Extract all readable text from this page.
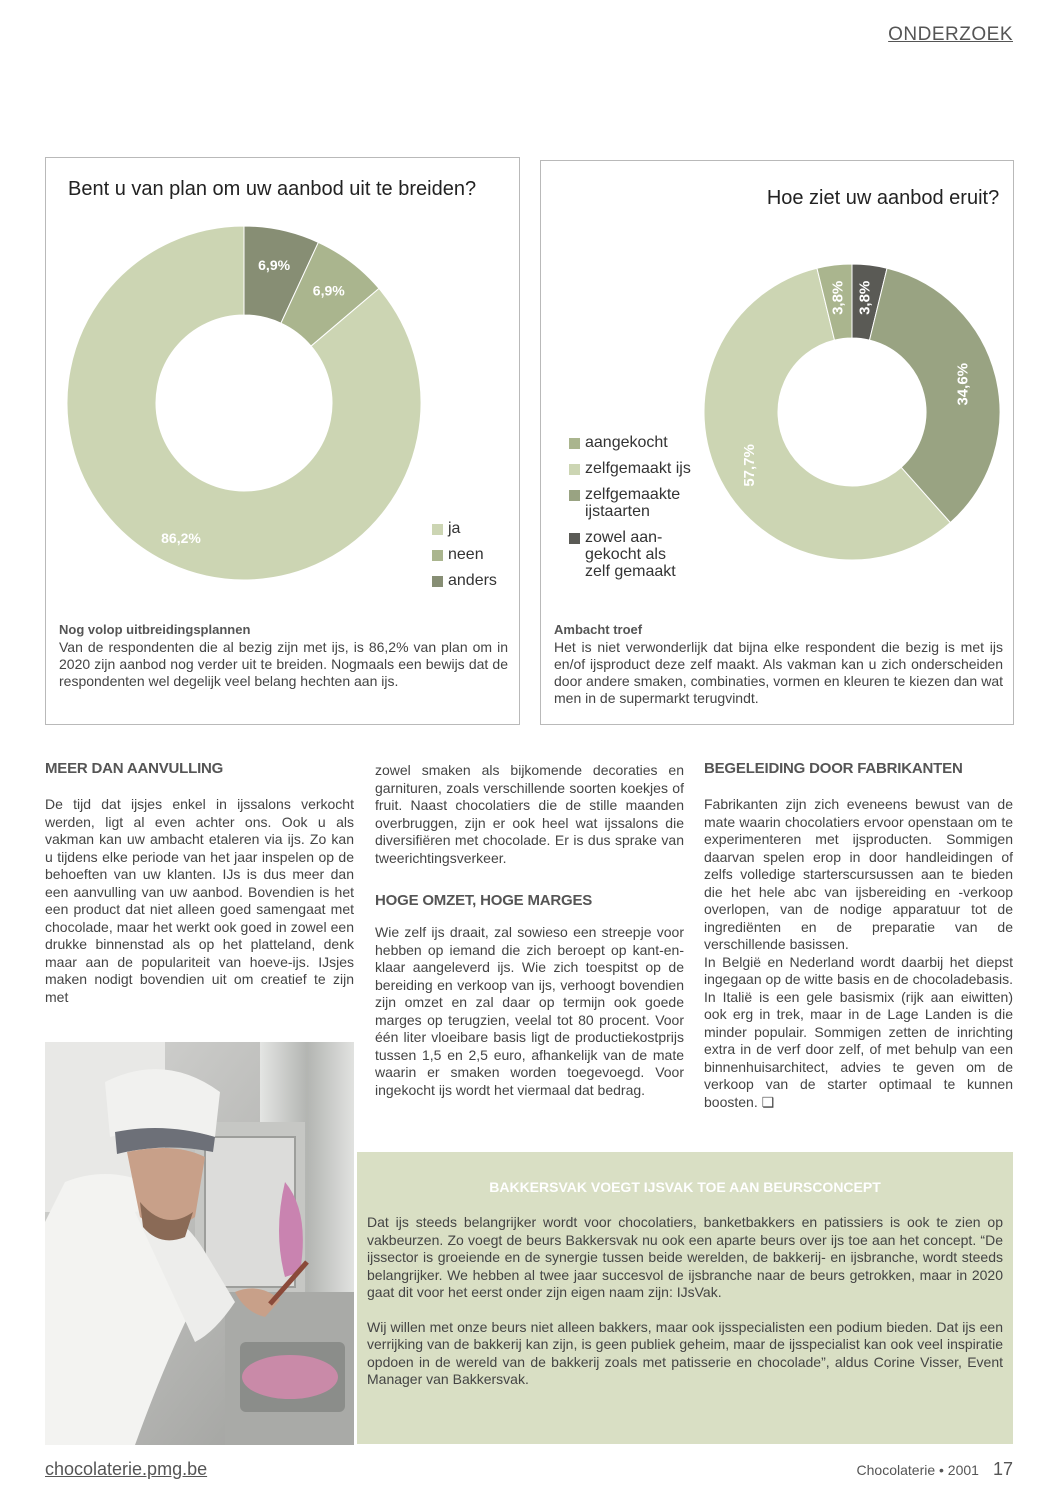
ONDERZOEK
Bent u van plan om uw aanbod uit te breiden?
6,9%
6,9%
86,2%
ja
neen
anders
Nog volop uitbreidingsplannen
Van de respondenten die al bezig zijn met ijs, is 86,2% van plan om in 2020 zijn aanbod nog verder uit te breiden. Nogmaals een bewijs dat de respondenten wel degelijk veel belang hechten aan ijs.
Hoe ziet uw aanbod eruit?
3,8%
34,6%
57,7%
3,8%
aangekocht
zelfgemaakt ijs
zelfgemaakte
ijstaarten
zowel aan-
gekocht als
zelf gemaakt
Ambacht troef
Het is niet verwonderlijk dat bijna elke respondent die bezig is met ijs en/of ijsproduct deze zelf maakt. Als vakman kan u zich onderscheiden door andere smaken, combinaties, vormen en kleuren te kiezen dan wat men in de supermarkt terugvindt.
MEER DAN AANVULLING

De tijd dat ijsjes enkel in ijssalons verkocht werden, ligt al even achter ons. Ook u als vakman kan uw ambacht etaleren via ijs. Zo kan u tijdens elke periode van het jaar inspelen op de behoeften van uw klanten. IJs is dus meer dan een aanvulling van uw aanbod. Bovendien is het een product dat niet alleen goed samengaat met chocolade, maar het werkt ook goed in zowel een drukke binnenstad als op het platteland, denk maar aan de populariteit van hoeve-ijs. IJsjes maken nodigt bovendien uit om creatief te zijn met

zowel smaken als bijkomende decoraties en garnituren, zoals verschillende soorten koekjes of fruit. Naast chocolatiers die de stille maanden overbruggen, zijn er ook heel wat ijssalons die diversifiëren met chocolade. Er is dus sprake van tweerichtingsverkeer.

HOGE OMZET, HOGE MARGES

Wie zelf ijs draait, zal sowieso een streepje voor hebben op iemand die zich beroept op kant-en-klaar aangeleverd ijs. Wie zich toespitst op de bereiding en verkoop van ijs, verhoogt bovendien zijn omzet en zal daar op termijn ook goede marges op terugzien, veelal tot 80 procent. Voor één liter vloeibare basis ligt de productiekostprijs tussen 1,5 en 2,5 euro, afhankelijk van de mate waarin er smaken worden toegevoegd. Voor ingekocht ijs wordt het viermaal dat bedrag.

BEGELEIDING DOOR FABRIKANTEN

Fabrikanten zijn zich eveneens bewust van de mate waarin chocolatiers ervoor openstaan om te experimenteren met ijsproducten. Sommigen daarvan spelen erop in door handleidingen of zelfs volledige starterscursussen aan te bieden die het hele abc van ijsbereiding en -verkoop overlopen, van de nodige apparatuur tot de ingrediënten en de preparatie van de verschillende basissen.

In België en Nederland wordt daarbij het diepst ingegaan op de witte basis en de chocoladebasis. In Italië is een gele basismix (rijk aan eiwitten) ook erg in trek, maar in de Lage Landen is die minder populair. Sommigen zetten de inrichting extra in de verf door zelf, of met behulp van een binnenhuisarchitect, advies te geven om de verkoop van de starter optimaal te kunnen boosten. ❏

BAKKERSVAK VOEGT IJSVAK TOE AAN BEURSCONCEPT

Dat ijs steeds belangrijker wordt voor chocolatiers, banketbakkers en patissiers is ook te zien op vakbeurzen. Zo voegt de beurs Bakkersvak nu ook een aparte beurs over ijs toe aan het concept. “De ijssector is groeiende en de synergie tussen beide werelden, de bakkerij- en ijsbranche, wordt steeds belangrijker. We hebben al twee jaar succesvol de ijsbranche naar de beurs getrokken, maar in 2020 gaat dit voor het eerst onder zijn eigen naam zijn: IJsVak.

Wij willen met onze beurs niet alleen bakkers, maar ook ijsspecialisten een podium bieden. Dat ijs een verrijking van de bakkerij kan zijn, is geen publiek geheim, maar de ijsspecialist kan ook veel inspiratie opdoen in de wereld van de bakkerij zoals met patisserie en chocolade”, aldus Corine Visser, Event Manager van Bakkersvak.

chocolaterie.pmg.be	Chocolaterie • 2001 17
